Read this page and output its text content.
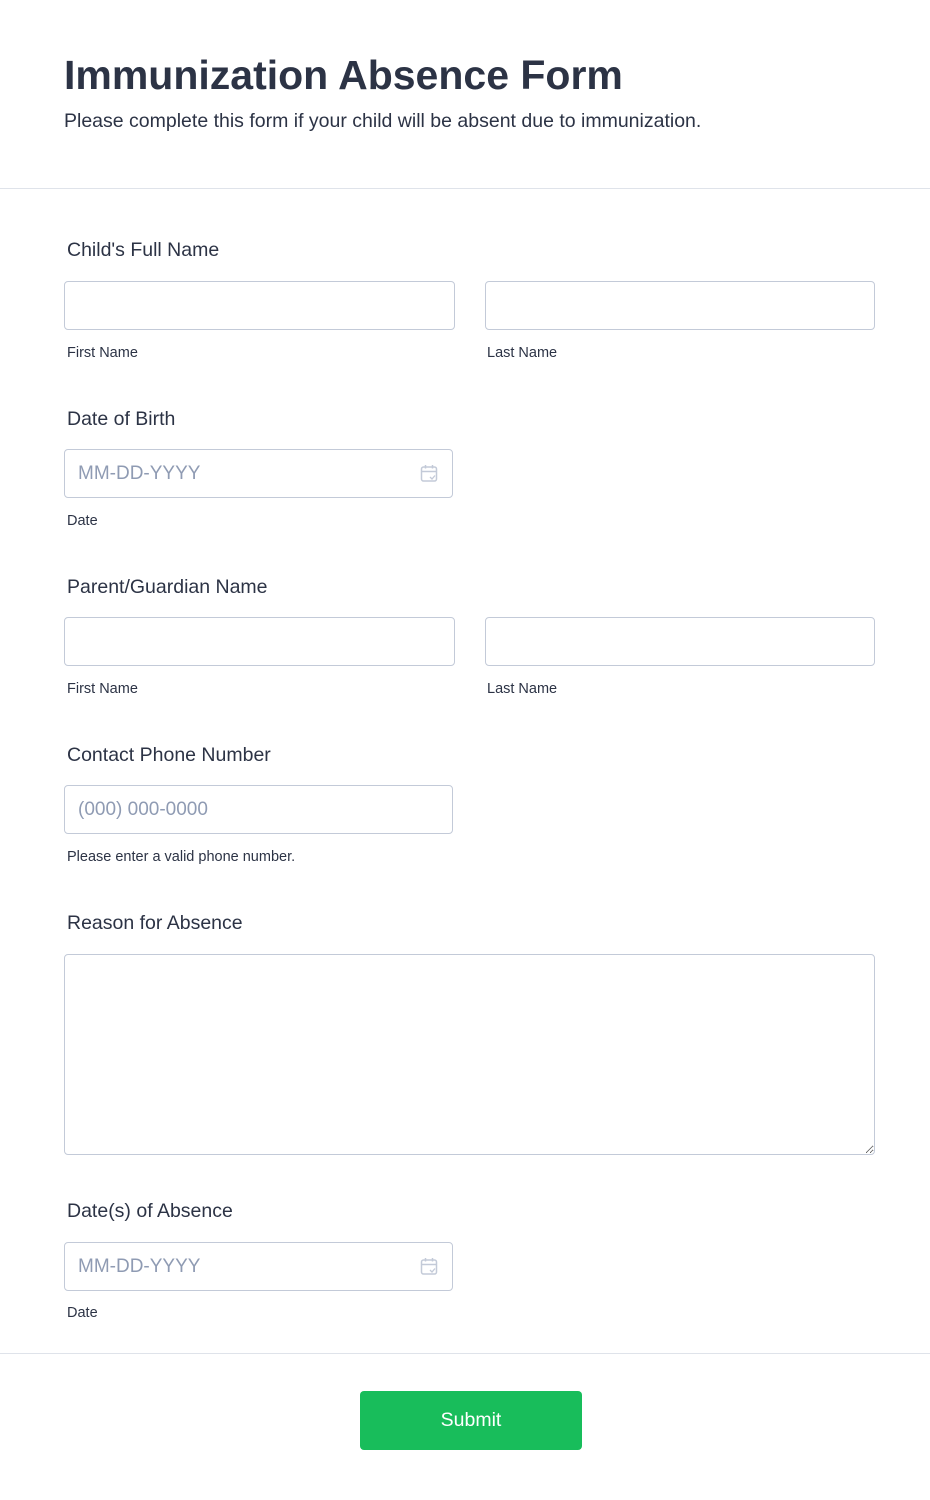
Immunization Absence Form
Please complete this form if your child will be absent due to immunization.
Child's Full Name
First Name	Last Name
Date of Birth
MM-DD-YYYY
Date
Parent/Guardian Name
First Name	Last Name
Contact Phone Number
(000) 000-0000
Please enter a valid phone number.
Reason for Absence
Date(s) of Absence
MM-DD-YYYY
Date
Submit
